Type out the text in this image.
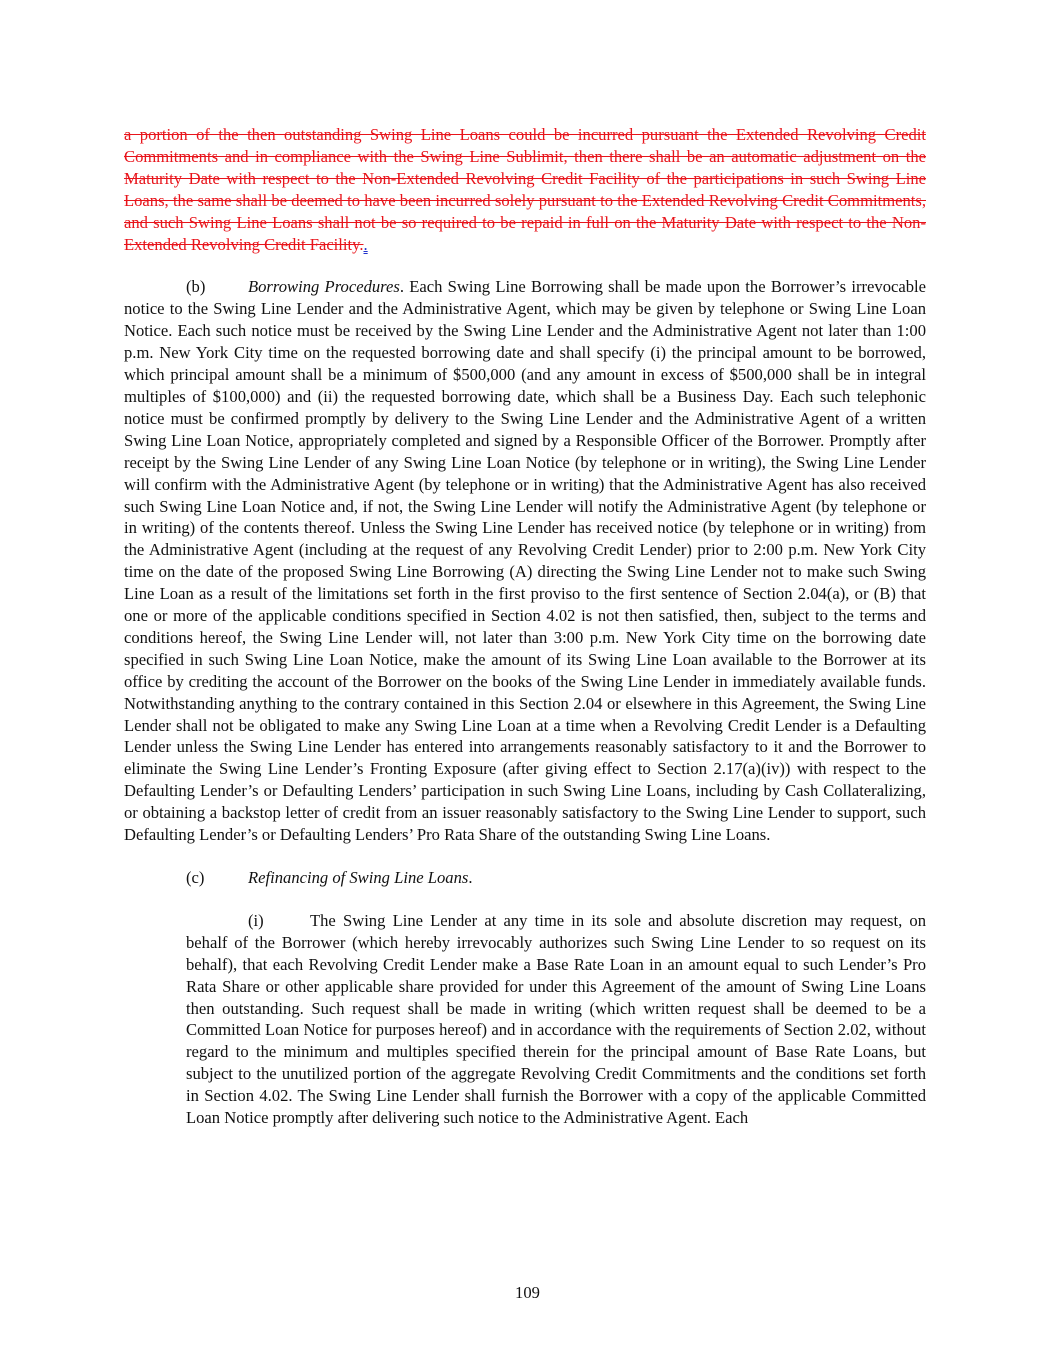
a portion of the then outstanding Swing Line Loans could be incurred pursuant the Extended Revolving Credit Commitments and in compliance with the Swing Line Sublimit, then there shall be an automatic adjustment on the Maturity Date with respect to the Non-Extended Revolving Credit Facility of the participations in such Swing Line Loans, the same shall be deemed to have been incurred solely pursuant to the Extended Revolving Credit Commitments, and such Swing Line Loans shall not be so required to be repaid in full on the Maturity Date with respect to the Non-Extended Revolving Credit Facility..

(b)	Borrowing Procedures. Each Swing Line Borrowing shall be made upon the Borrower’s irrevocable notice to the Swing Line Lender and the Administrative Agent, which may be given by telephone or Swing Line Loan Notice. Each such notice must be received by the Swing Line Lender and the Administrative Agent not later than 1:00 p.m. New York City time on the requested borrowing date and shall specify (i) the principal amount to be borrowed, which principal amount shall be a minimum of $500,000 (and any amount in excess of $500,000 shall be in integral multiples of $100,000) and (ii) the requested borrowing date, which shall be a Business Day. Each such telephonic notice must be confirmed promptly by delivery to the Swing Line Lender and the Administrative Agent of a written Swing Line Loan Notice, appropriately completed and signed by a Responsible Officer of the Borrower. Promptly after receipt by the Swing Line Lender of any Swing Line Loan Notice (by telephone or in writing), the Swing Line Lender will confirm with the Administrative Agent (by telephone or in writing) that the Administrative Agent has also received such Swing Line Loan Notice and, if not, the Swing Line Lender will notify the Administrative Agent (by telephone or in writing) of the contents thereof. Unless the Swing Line Lender has received notice (by telephone or in writing) from the Administrative Agent (including at the request of any Revolving Credit Lender) prior to 2:00 p.m. New York City time on the date of the proposed Swing Line Borrowing (A) directing the Swing Line Lender not to make such Swing Line Loan as a result of the limitations set forth in the first proviso to the first sentence of Section 2.04(a), or (B) that one or more of the applicable conditions specified in Section 4.02 is not then satisfied, then, subject to the terms and conditions hereof, the Swing Line Lender will, not later than 3:00 p.m. New York City time on the borrowing date specified in such Swing Line Loan Notice, make the amount of its Swing Line Loan available to the Borrower at its office by crediting the account of the Borrower on the books of the Swing Line Lender in immediately available funds. Notwithstanding anything to the contrary contained in this Section 2.04 or elsewhere in this Agreement, the Swing Line Lender shall not be obligated to make any Swing Line Loan at a time when a Revolving Credit Lender is a Defaulting Lender unless the Swing Line Lender has entered into arrangements reasonably satisfactory to it and the Borrower to eliminate the Swing Line Lender’s Fronting Exposure (after giving effect to Section 2.17(a)(iv)) with respect to the Defaulting Lender’s or Defaulting Lenders’ participation in such Swing Line Loans, including by Cash Collateralizing, or obtaining a backstop letter of credit from an issuer reasonably satisfactory to the Swing Line Lender to support, such Defaulting Lender’s or Defaulting Lenders’ Pro Rata Share of the outstanding Swing Line Loans.

(c)	Refinancing of Swing Line Loans.

(i)	The Swing Line Lender at any time in its sole and absolute discretion may request, on behalf of the Borrower (which hereby irrevocably authorizes such Swing Line Lender to so request on its behalf), that each Revolving Credit Lender make a Base Rate Loan in an amount equal to such Lender’s Pro Rata Share or other applicable share provided for under this Agreement of the amount of Swing Line Loans then outstanding. Such request shall be made in writing (which written request shall be deemed to be a Committed Loan Notice for purposes hereof) and in accordance with the requirements of Section 2.02, without regard to the minimum and multiples specified therein for the principal amount of Base Rate Loans, but subject to the unutilized portion of the aggregate Revolving Credit Commitments and the conditions set forth in Section 4.02. The Swing Line Lender shall furnish the Borrower with a copy of the applicable Committed Loan Notice promptly after delivering such notice to the Administrative Agent. Each

109
